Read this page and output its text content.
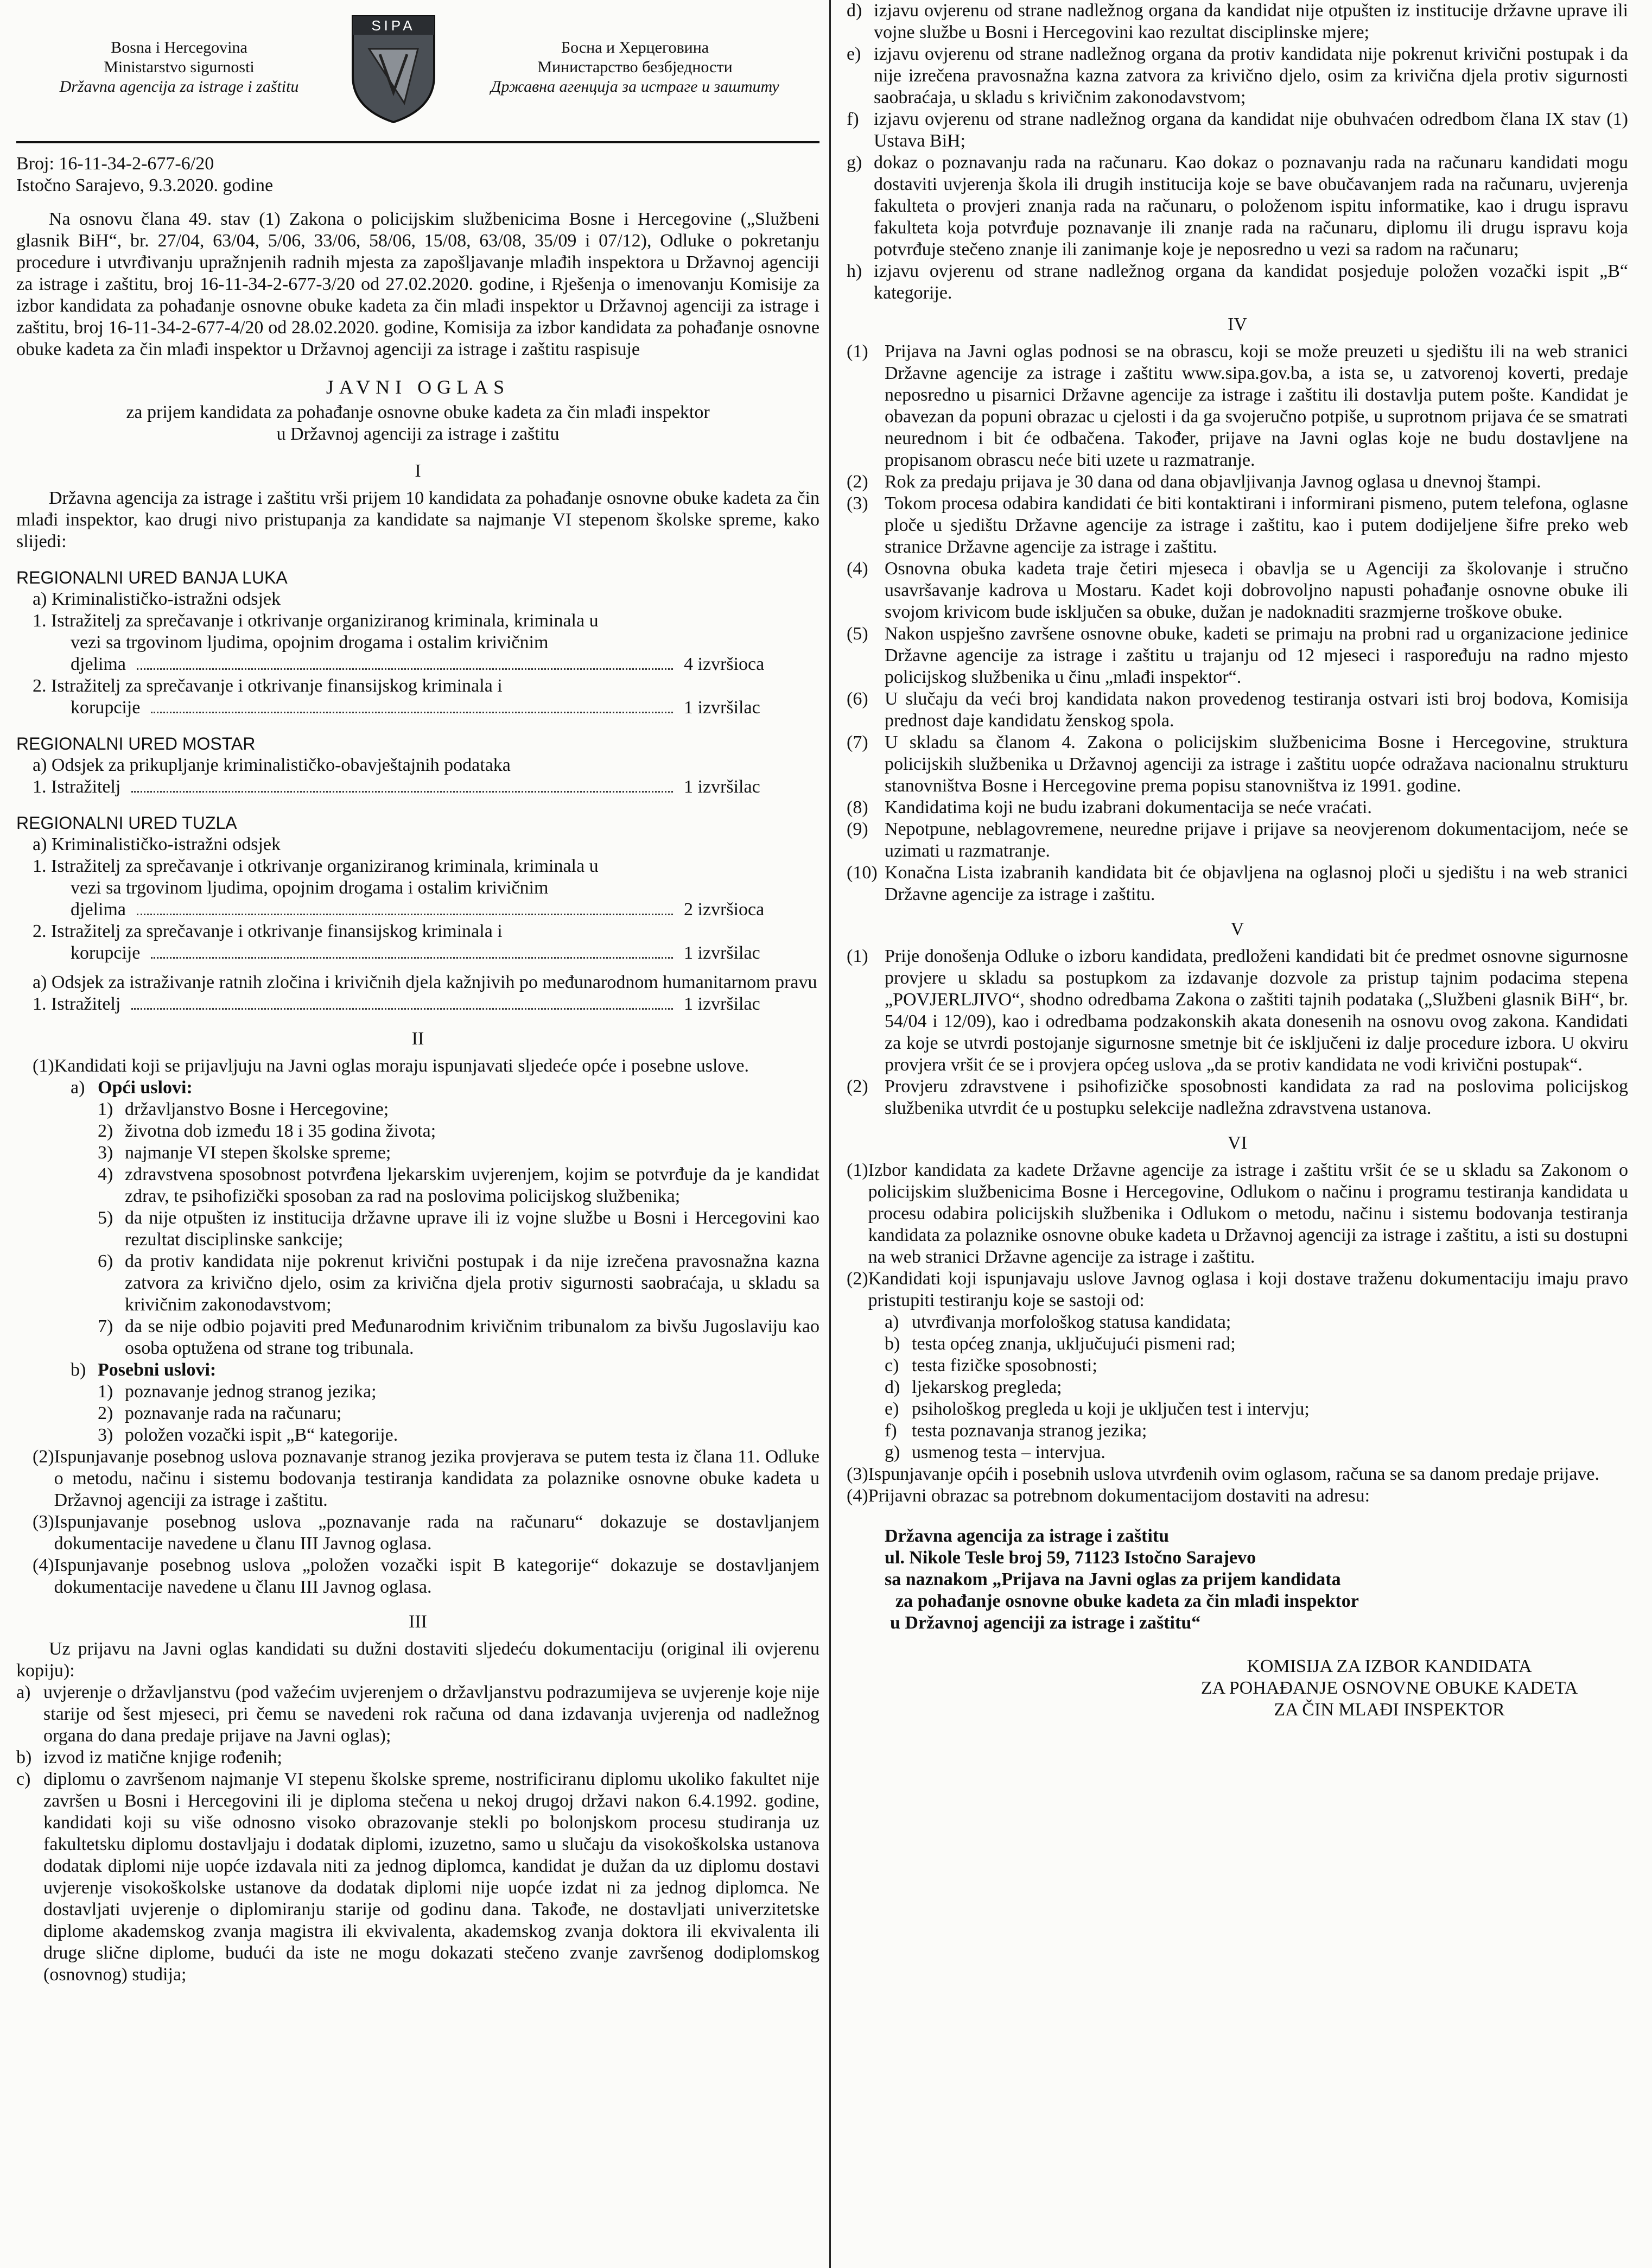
Bosna i Hercegovina
Ministarstvo sigurnosti
Državna agencija za istrage i zaštitu
SIPA
Босна и Херцеговина
Министарство безбједности
Државна агенција за истраге и заштиту

Broj: 16-11-34-2-677-6/20

Istočno Sarajevo, 9.3.2020. godine

Na osnovu člana 49. stav (1) Zakona o policijskim službenicima Bosne i Hercegovine („Službeni glasnik BiH“, br. 27/04, 63/04, 5/06, 33/06, 58/06, 15/08, 63/08, 35/09 i 07/12), Odluke o pokretanju procedure i utvrđivanju upražnjenih radnih mjesta za zapošljavanje mlađih inspektora u Državnoj agenciji za istrage i zaštitu, broj 16-11-34-2-677-3/20 od 27.02.2020. godine, i Rješenja o imenovanju Komisije za izbor kandidata za pohađanje osnovne obuke kadeta za čin mlađi inspektor u Državnoj agenciji za istrage i zaštitu, broj 16-11-34-2-677-4/20 od 28.02.2020. godine, Komisija za izbor kandidata za pohađanje osnovne obuke kadeta za čin mlađi inspektor u Državnoj agenciji za istrage i zaštitu raspisuje

JAVNI OGLAS
za prijem kandidata za pohađanje osnovne obuke kadeta za čin mlađi inspektor
u Državnoj agenciji za istrage i zaštitu
I

Državna agencija za istrage i zaštitu vrši prijem 10 kandidata za pohađanje osnovne obuke kadeta za čin mlađi inspektor, kao drugi nivo pristupanja za kandidate sa najmanje VI stepenom školske spreme, kako slijedi:

REGIONALNI URED BANJA LUKA
a) Kriminalističko-istražni odsjek
1. Istražitelj za sprečavanje i otkrivanje organiziranog kriminala, kriminala u
vezi sa trgovinom ljudima, opojnim drogama i ostalim krivičnim
djelima	4 izvršioca
2. Istražitelj za sprečavanje i otkrivanje finansijskog kriminala i
korupcije	1 izvršilac
REGIONALNI URED MOSTAR
a) Odsjek za prikupljanje kriminalističko-obavještajnih podataka
1. Istražitelj	1 izvršilac
REGIONALNI URED TUZLA
a) Kriminalističko-istražni odsjek
1. Istražitelj za sprečavanje i otkrivanje organiziranog kriminala, kriminala u
vezi sa trgovinom ljudima, opojnim drogama i ostalim krivičnim
djelima	2 izvršioca
2. Istražitelj za sprečavanje i otkrivanje finansijskog kriminala i
korupcije	1 izvršilac
a) Odsjek za istraživanje ratnih zločina i krivičnih djela kažnjivih po međunarodnom humanitarnom pravu
1. Istražitelj	1 izvršilac
II
(1) Kandidati koji se prijavljuju na Javni oglas moraju ispunjavati sljedeće opće i posebne uslove.
a) Opći uslovi:
1) državljanstvo Bosne i Hercegovine;
2) životna dob između 18 i 35 godina života;
3) najmanje VI stepen školske spreme;
4) zdravstvena sposobnost potvrđena ljekarskim uvjerenjem, kojim se potvrđuje da je kandidat zdrav, te psihofizički sposoban za rad na poslovima policijskog službenika;
5) da nije otpušten iz institucija državne uprave ili iz vojne službe u Bosni i Hercegovini kao rezultat disciplinske sankcije;
6) da protiv kandidata nije pokrenut krivični postupak i da nije izrečena pravosnažna kazna zatvora za krivično djelo, osim za krivična djela protiv sigurnosti saobraćaja, u skladu sa krivičnim zakonodavstvom;
7) da se nije odbio pojaviti pred Međunarodnim krivičnim tribunalom za bivšu Jugoslaviju kao osoba optužena od strane tog tribunala.
b) Posebni uslovi:
1) poznavanje jednog stranog jezika;
2) poznavanje rada na računaru;
3) položen vozački ispit „B“ kategorije.
(2) Ispunjavanje posebnog uslova poznavanje stranog jezika provjerava se putem testa iz člana 11. Odluke o metodu, načinu i sistemu bodovanja testiranja kandidata za polaznike osnovne obuke kadeta u Državnoj agenciji za istrage i zaštitu.
(3) Ispunjavanje posebnog uslova „poznavanje rada na računaru“ dokazuje se dostavljanjem dokumentacije navedene u članu III Javnog oglasa.
(4) Ispunjavanje posebnog uslova „položen vozački ispit B kategorije“ dokazuje se dostavljanjem dokumentacije navedene u članu III Javnog oglasa.
III

Uz prijavu na Javni oglas kandidati su dužni dostaviti sljedeću dokumentaciju (original ili ovjerenu kopiju):

a) uvjerenje o državljanstvu (pod važećim uvjerenjem o državljanstvu podrazumijeva se uvjerenje koje nije starije od šest mjeseci, pri čemu se navedeni rok računa od dana izdavanja uvjerenja od nadležnog organa do dana predaje prijave na Javni oglas);
b) izvod iz matične knjige rođenih;
c) diplomu o završenom najmanje VI stepenu školske spreme, nostrificiranu diplomu ukoliko fakultet nije završen u Bosni i Hercegovini ili je diploma stečena u nekoj drugoj državi nakon 6.4.1992. godine, kandidati koji su više odnosno visoko obrazovanje stekli po bolonjskom procesu studiranja uz fakultetsku diplomu dostavljaju i dodatak diplomi, izuzetno, samo u slučaju da visokoškolska ustanova dodatak diplomi nije uopće izdavala niti za jednog diplomca, kandidat je dužan da uz diplomu dostavi uvjerenje visokoškolske ustanove da dodatak diplomi nije uopće izdat ni za jednog diplomca. Ne dostavljati uvjerenje o diplomiranju starije od godinu dana. Takođe, ne dostavljati univerzitetske diplome akademskog zvanja magistra ili ekvivalenta, akademskog zvanja doktora ili ekvivalenta ili druge slične diplome, budući da iste ne mogu dokazati stečeno zvanje završenog dodiplomskog (osnovnog) studija;
d) izjavu ovjerenu od strane nadležnog organa da kandidat nije otpušten iz institucije državne uprave ili vojne službe u Bosni i Hercegovini kao rezultat disciplinske mjere;
e) izjavu ovjerenu od strane nadležnog organa da protiv kandidata nije pokrenut krivični postupak i da nije izrečena pravosnažna kazna zatvora za krivično djelo, osim za krivična djela protiv sigurnosti saobraćaja, u skladu s krivičnim zakonodavstvom;
f) izjavu ovjerenu od strane nadležnog organa da kandidat nije obuhvaćen odredbom člana IX stav (1) Ustava BiH;
g) dokaz o poznavanju rada na računaru. Kao dokaz o poznavanju rada na računaru kandidati mogu dostaviti uvjerenja škola ili drugih institucija koje se bave obučavanjem rada na računaru, uvjerenja fakulteta o provjeri znanja rada na računaru, o položenom ispitu informatike, kao i drugu ispravu fakulteta koja potvrđuje poznavanje ili znanje rada na računaru, diplomu ili drugu ispravu koja potvrđuje stečeno znanje ili zanimanje koje je neposredno u vezi sa radom na računaru;
h) izjavu ovjerenu od strane nadležnog organa da kandidat posjeduje položen vozački ispit „B“ kategorije.
IV
(1) Prijava na Javni oglas podnosi se na obrascu, koji se može preuzeti u sjedištu ili na web stranici Državne agencije za istrage i zaštitu www.sipa.gov.ba, a ista se, u zatvorenoj koverti, predaje neposredno u pisarnici Državne agencije za istrage i zaštitu ili dostavlja putem pošte. Kandidat je obavezan da popuni obrazac u cjelosti i da ga svojeručno potpiše, u suprotnom prijava će se smatrati neurednom i bit će odbačena. Također, prijave na Javni oglas koje ne budu dostavljene na propisanom obrascu neće biti uzete u razmatranje.
(2) Rok za predaju prijava je 30 dana od dana objavljivanja Javnog oglasa u dnevnoj štampi.
(3) Tokom procesa odabira kandidati će biti kontaktirani i informirani pismeno, putem telefona, oglasne ploče u sjedištu Državne agencije za istrage i zaštitu, kao i putem dodijeljene šifre preko web stranice Državne agencije za istrage i zaštitu.
(4) Osnovna obuka kadeta traje četiri mjeseca i obavlja se u Agenciji za školovanje i stručno usavršavanje kadrova u Mostaru. Kadet koji dobrovoljno napusti pohađanje osnovne obuke ili svojom krivicom bude isključen sa obuke, dužan je nadoknaditi srazmjerne troškove obuke.
(5) Nakon uspješno završene osnovne obuke, kadeti se primaju na probni rad u organizacione jedinice Državne agencije za istrage i zaštitu u trajanju od 12 mjeseci i raspoređuju na radno mjesto policijskog službenika u činu „mlađi inspektor“.
(6) U slučaju da veći broj kandidata nakon provedenog testiranja ostvari isti broj bodova, Komisija prednost daje kandidatu ženskog spola.
(7) U skladu sa članom 4. Zakona o policijskim službenicima Bosne i Hercegovine, struktura policijskih službenika u Državnoj agenciji za istrage i zaštitu uopće odražava nacionalnu strukturu stanovništva Bosne i Hercegovine prema popisu stanovništva iz 1991. godine.
(8) Kandidatima koji ne budu izabrani dokumentacija se neće vraćati.
(9) Nepotpune, neblagovremene, neuredne prijave i prijave sa neovjerenom dokumentacijom, neće se uzimati u razmatranje.
(10) Konačna Lista izabranih kandidata bit će objavljena na oglasnoj ploči u sjedištu i na web stranici Državne agencije za istrage i zaštitu.
V
(1) Prije donošenja Odluke o izboru kandidata, predloženi kandidati bit će predmet osnovne sigurnosne provjere u skladu sa postupkom za izdavanje dozvole za pristup tajnim podacima stepena „POVJERLJIVO“, shodno odredbama Zakona o zaštiti tajnih podataka („Službeni glasnik BiH“, br. 54/04 i 12/09), kao i odredbama podzakonskih akata donesenih na osnovu ovog zakona. Kandidati za koje se utvrdi postojanje sigurnosne smetnje bit će isključeni iz dalje procedure izbora. U okviru provjera vršit će se i provjera općeg uslova „da se protiv kandidata ne vodi krivični postupak“.
(2) Provjeru zdravstvene i psihofizičke sposobnosti kandidata za rad na poslovima policijskog službenika utvrdit će u postupku selekcije nadležna zdravstvena ustanova.
VI
(1) Izbor kandidata za kadete Državne agencije za istrage i zaštitu vršit će se u skladu sa Zakonom o policijskim službenicima Bosne i Hercegovine, Odlukom o načinu i programu testiranja kandidata u procesu odabira policijskih službenika i Odlukom o metodu, načinu i sistemu bodovanja testiranja kandidata za polaznike osnovne obuke kadeta u Državnoj agenciji za istrage i zaštitu, a isti su dostupni na web stranici Državne agencije za istrage i zaštitu.
(2) Kandidati koji ispunjavaju uslove Javnog oglasa i koji dostave traženu dokumentaciju imaju pravo pristupiti testiranju koje se sastoji od:
a) utvrđivanja morfološkog statusa kandidata;
b) testa općeg znanja, uključujući pismeni rad;
c) testa fizičke sposobnosti;
d) ljekarskog pregleda;
e) psihološkog pregleda u koji je uključen test i intervju;
f) testa poznavanja stranog jezika;
g) usmenog testa – intervjua.
(3) Ispunjavanje općih i posebnih uslova utvrđenih ovim oglasom, računa se sa danom predaje prijave.
(4) Prijavni obrazac sa potrebnom dokumentacijom dostaviti na adresu:
Državna agencija za istrage i zaštitu
ul. Nikole Tesle broj 59, 71123 Istočno Sarajevo
sa naznakom „Prijava na Javni oglas za prijem kandidata
za pohađanje osnovne obuke kadeta za čin mlađi inspektor
u Državnoj agenciji za istrage i zaštitu“
KOMISIJA ZA IZBOR KANDIDATA
ZA POHAĐANJE OSNOVNE OBUKE KADETA
ZA ČIN MLAĐI INSPEKTOR
